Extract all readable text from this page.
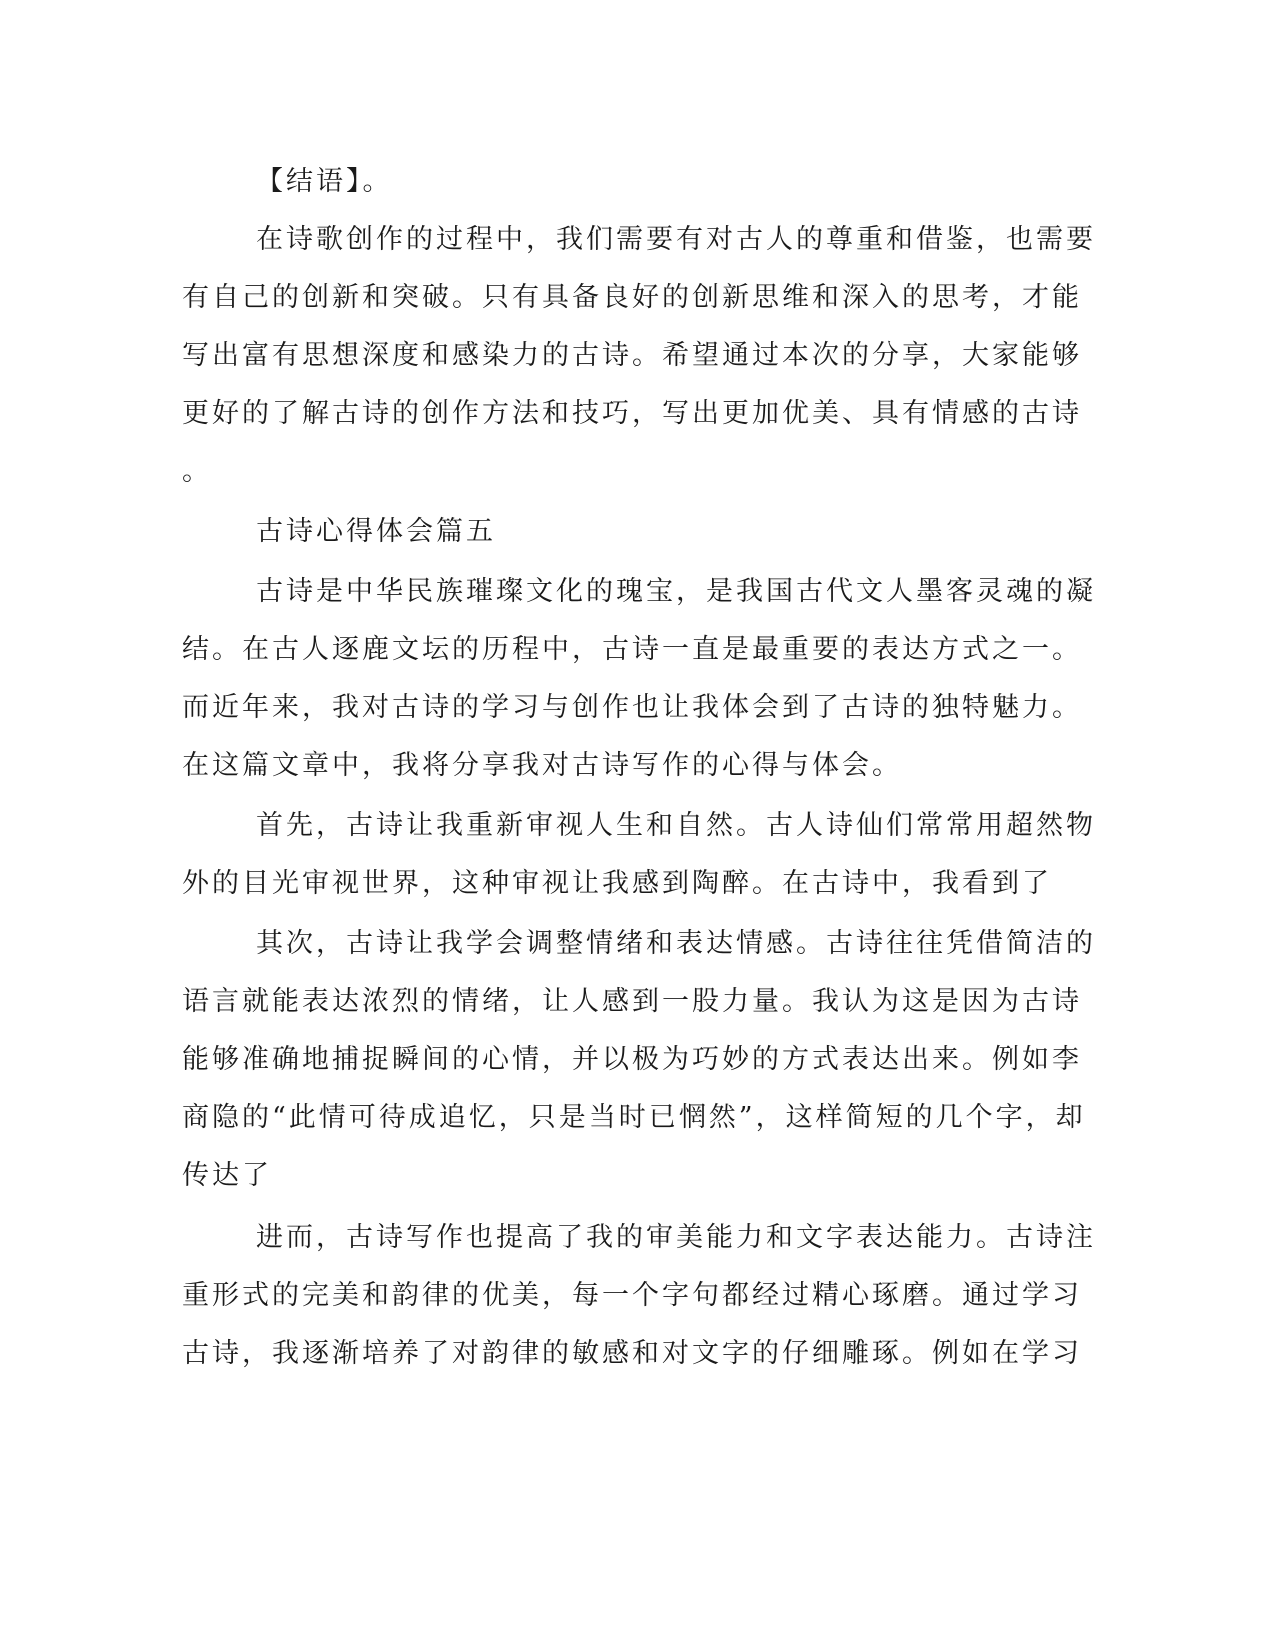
【结语】。
在诗歌创作的过程中，我们需要有对古人的尊重和借鉴，也需要
有自己的创新和突破。只有具备良好的创新思维和深入的思考，才能
写出富有思想深度和感染力的古诗。希望通过本次的分享，大家能够
更好的了解古诗的创作方法和技巧，写出更加优美、具有情感的古诗
。
古诗心得体会篇五
古诗是中华民族璀璨文化的瑰宝，是我国古代文人墨客灵魂的凝
结。在古人逐鹿文坛的历程中，古诗一直是最重要的表达方式之一。
而近年来，我对古诗的学习与创作也让我体会到了古诗的独特魅力。
在这篇文章中，我将分享我对古诗写作的心得与体会。
首先，古诗让我重新审视人生和自然。古人诗仙们常常用超然物
外的目光审视世界，这种审视让我感到陶醉。在古诗中，我看到了
其次，古诗让我学会调整情绪和表达情感。古诗往往凭借简洁的
语言就能表达浓烈的情绪，让人感到一股力量。我认为这是因为古诗
能够准确地捕捉瞬间的心情，并以极为巧妙的方式表达出来。例如李
商隐的“此情可待成追忆，只是当时已惘然”，这样简短的几个字，却
传达了
进而，古诗写作也提高了我的审美能力和文字表达能力。古诗注
重形式的完美和韵律的优美，每一个字句都经过精心琢磨。通过学习
古诗，我逐渐培养了对韵律的敏感和对文字的仔细雕琢。例如在学习
